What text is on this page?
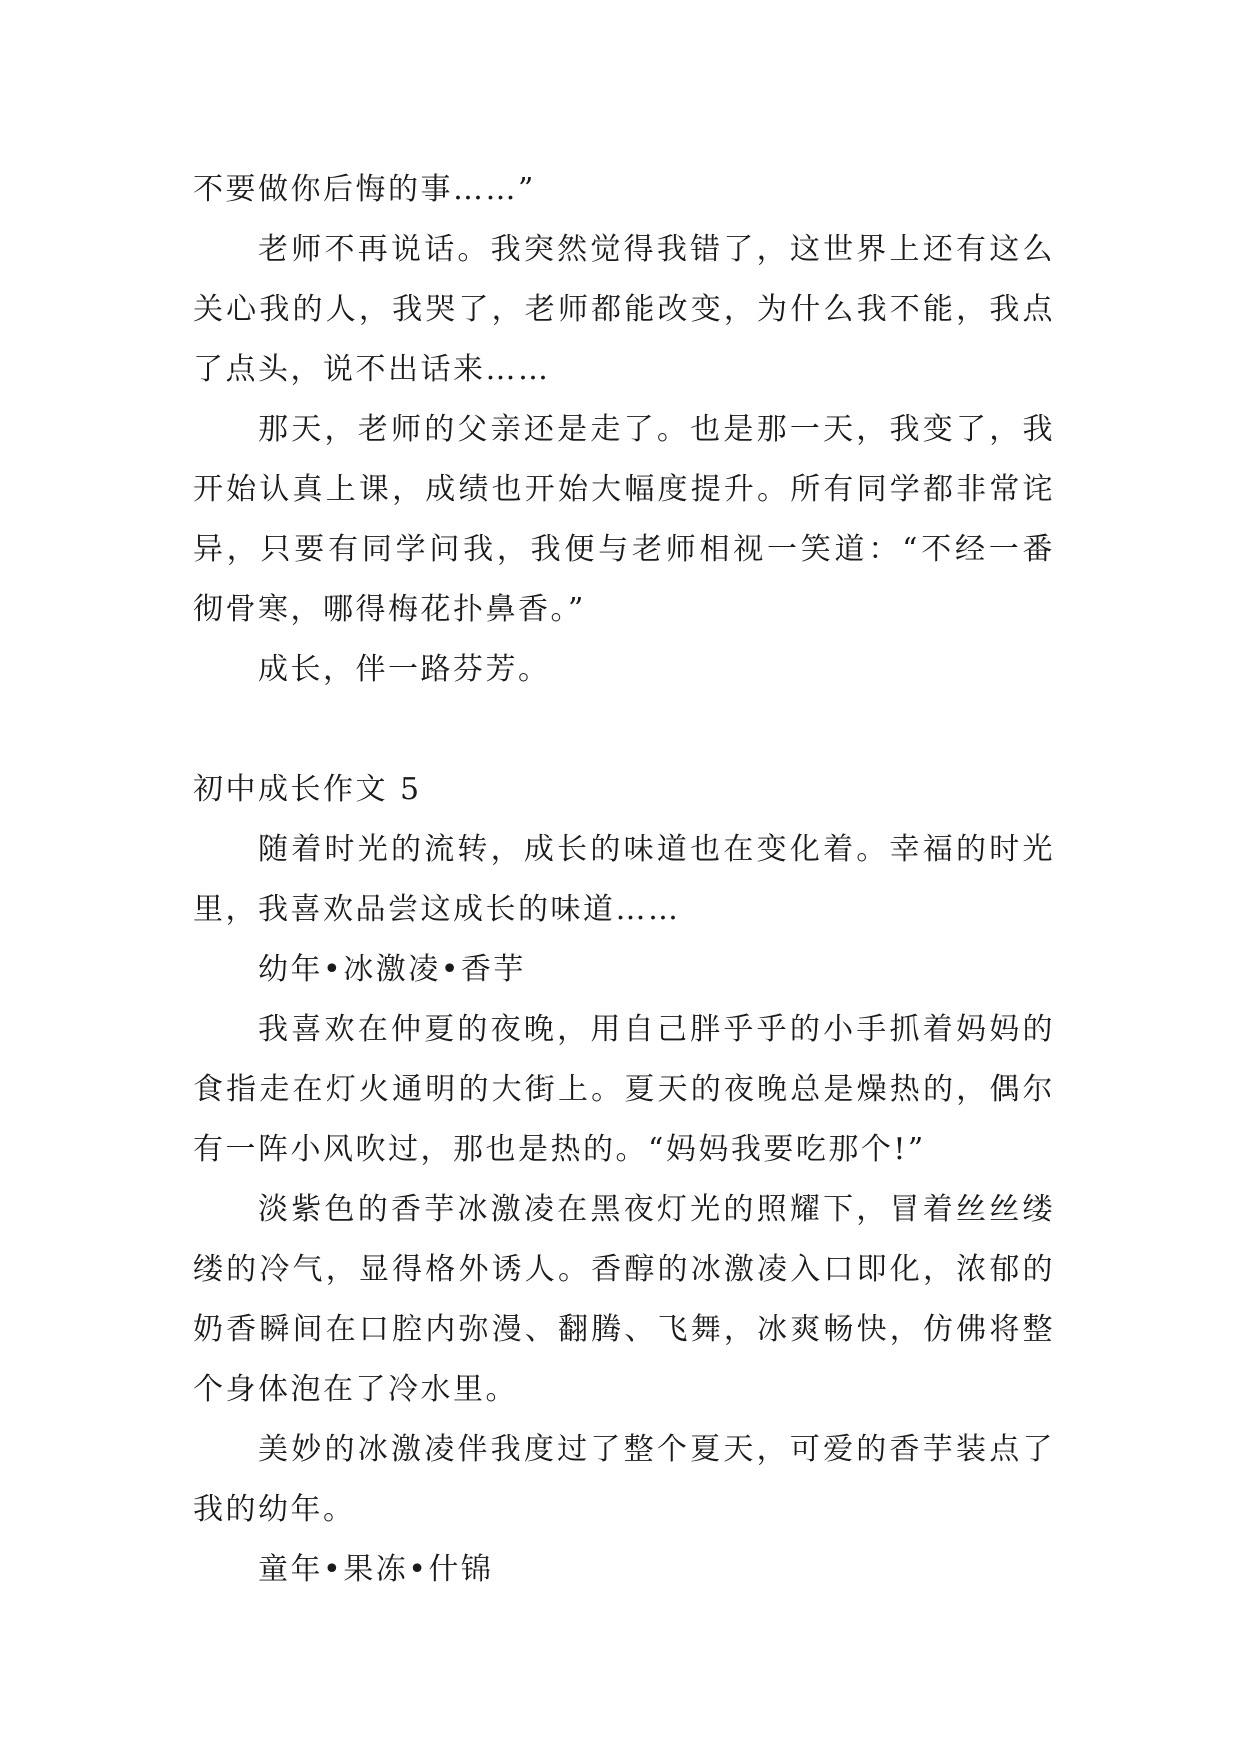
不要做你后悔的事……”

老师不再说话。我突然觉得我错了，这世界上还有这么关心我的人，我哭了，老师都能改变，为什么我不能，我点了点头，说不出话来……

那天，老师的父亲还是走了。也是那一天，我变了，我开始认真上课，成绩也开始大幅度提升。所有同学都非常诧异，只要有同学问我，我便与老师相视一笑道：“不经一番彻骨寒，哪得梅花扑鼻香。”

成长，伴一路芬芳。

初中成长作文 5

随着时光的流转，成长的味道也在变化着。幸福的时光里，我喜欢品尝这成长的味道……

幼年•冰激凌•香芋

我喜欢在仲夏的夜晚，用自己胖乎乎的小手抓着妈妈的食指走在灯火通明的大街上。夏天的夜晚总是燥热的，偶尔有一阵小风吹过，那也是热的。“妈妈我要吃那个!”

淡紫色的香芋冰激凌在黑夜灯光的照耀下，冒着丝丝缕缕的冷气，显得格外诱人。香醇的冰激凌入口即化，浓郁的奶香瞬间在口腔内弥漫、翻腾、飞舞，冰爽畅快，仿佛将整个身体泡在了冷水里。

美妙的冰激凌伴我度过了整个夏天，可爱的香芋装点了我的幼年。

童年•果冻•什锦
